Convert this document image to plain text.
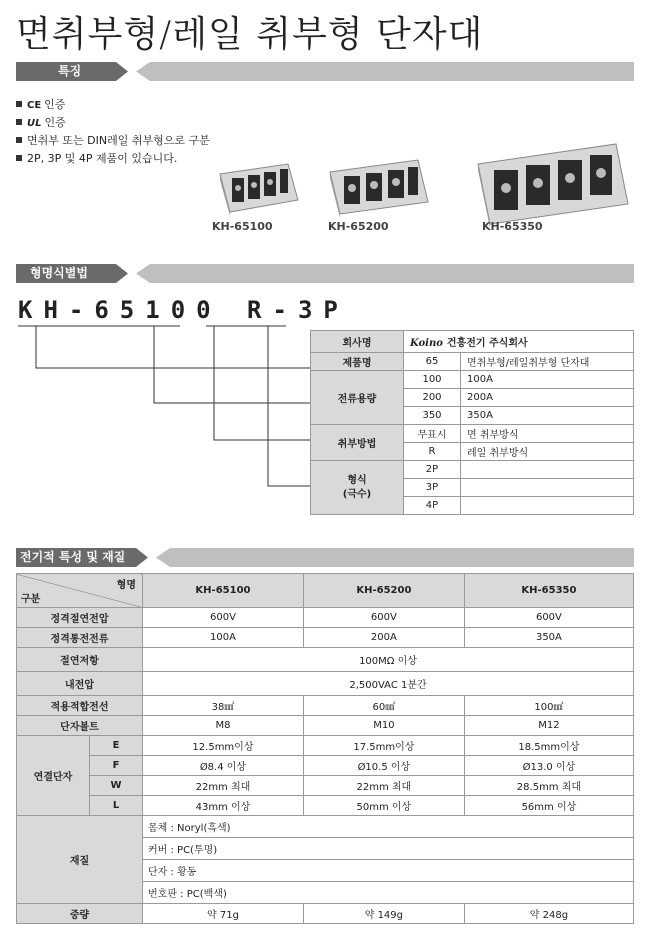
면취부형/레일 취부형 단자대
특징
CE 인증
UL 인증
면취부 또는 DIN레일 취부형으로 구분
2P, 3P 및 4P 제품이 있습니다.
KH-65100	KH-65200	KH-65350
형명식별법
KH-65100 R-3P
회사명	Koino 건흥전기 주식회사	
제품명	65	면취부형/레일취부형 단자대
전류용량	100	100A
	200	200A
	350	350A
취부방법	무표시	면 취부방식
	R	레일 취부방식
형식
(극수)	2P	
	3P	
	4P	
전기적 특성 및 재질
형명
구분		KH-65100	KH-65200	KH-65350
정격절연전압		600V	600V	600V
정격통전전류		100A	200A	350A
절연저항		100MΩ 이상		
내전압		2,500VAC 1분간		
적용적합전선		38㎟	60㎟	100㎟
단자볼트		M8	M10	M12
연결단자	E	12.5mm이상	17.5mm이상	18.5mm이상
	F	Ø8.4 이상	Ø10.5 이상	Ø13.0 이상
	W	22mm 최대	22mm 최대	28.5mm 최대
	L	43mm 이상	50mm 이상	56mm 이상
재질		몸체 : Noryl(흑색)		
		커버 : PC(투명)		
		단자 : 황동		
		번호판 : PC(백색)		
중량		약 71g	약 149g	약 248g
